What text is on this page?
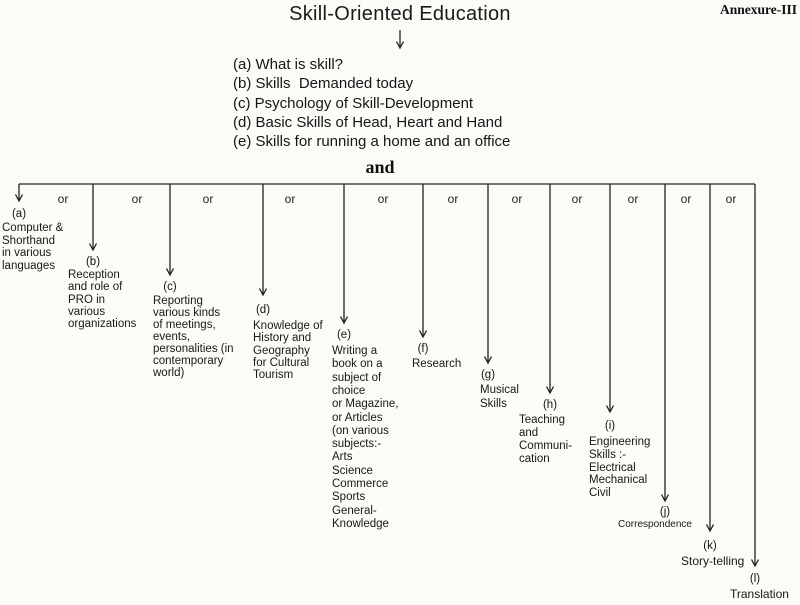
Skill-Oriented Education	Annexure-III
(a) What is skill?
(b) Skills  Demanded today
(c) Psychology of Skill-Development
(d) Basic Skills of Head, Heart and Hand
(e) Skills for running a home and an office
and
(a)
Computer &
Shorthand
in various
languages	(b)
Reception
and role of
PRO in
various
organizations
(c)
Reporting
various kinds
of meetings,
events,
personalities (in
contemporary
world)
(d)
Knowledge of
History and
Geography
for Cultural
Tourism
(e)
Writing a
book on a
subject of
choice
or Magazine,
or Articles
(on various
subjects:-
Arts
Science
Commerce
Sports
General-
Knowledge
(f)
Research
(g)
Musical
Skills	(h)
Teaching
and
Communi-
cation
(i)
Engineering
Skills :-
Electrical
Mechanical
Civil
(j)
Correspondence
(k)
Story-telling
(l)
Translation
or	or	or	or	or	or	or	or	or	or	or
